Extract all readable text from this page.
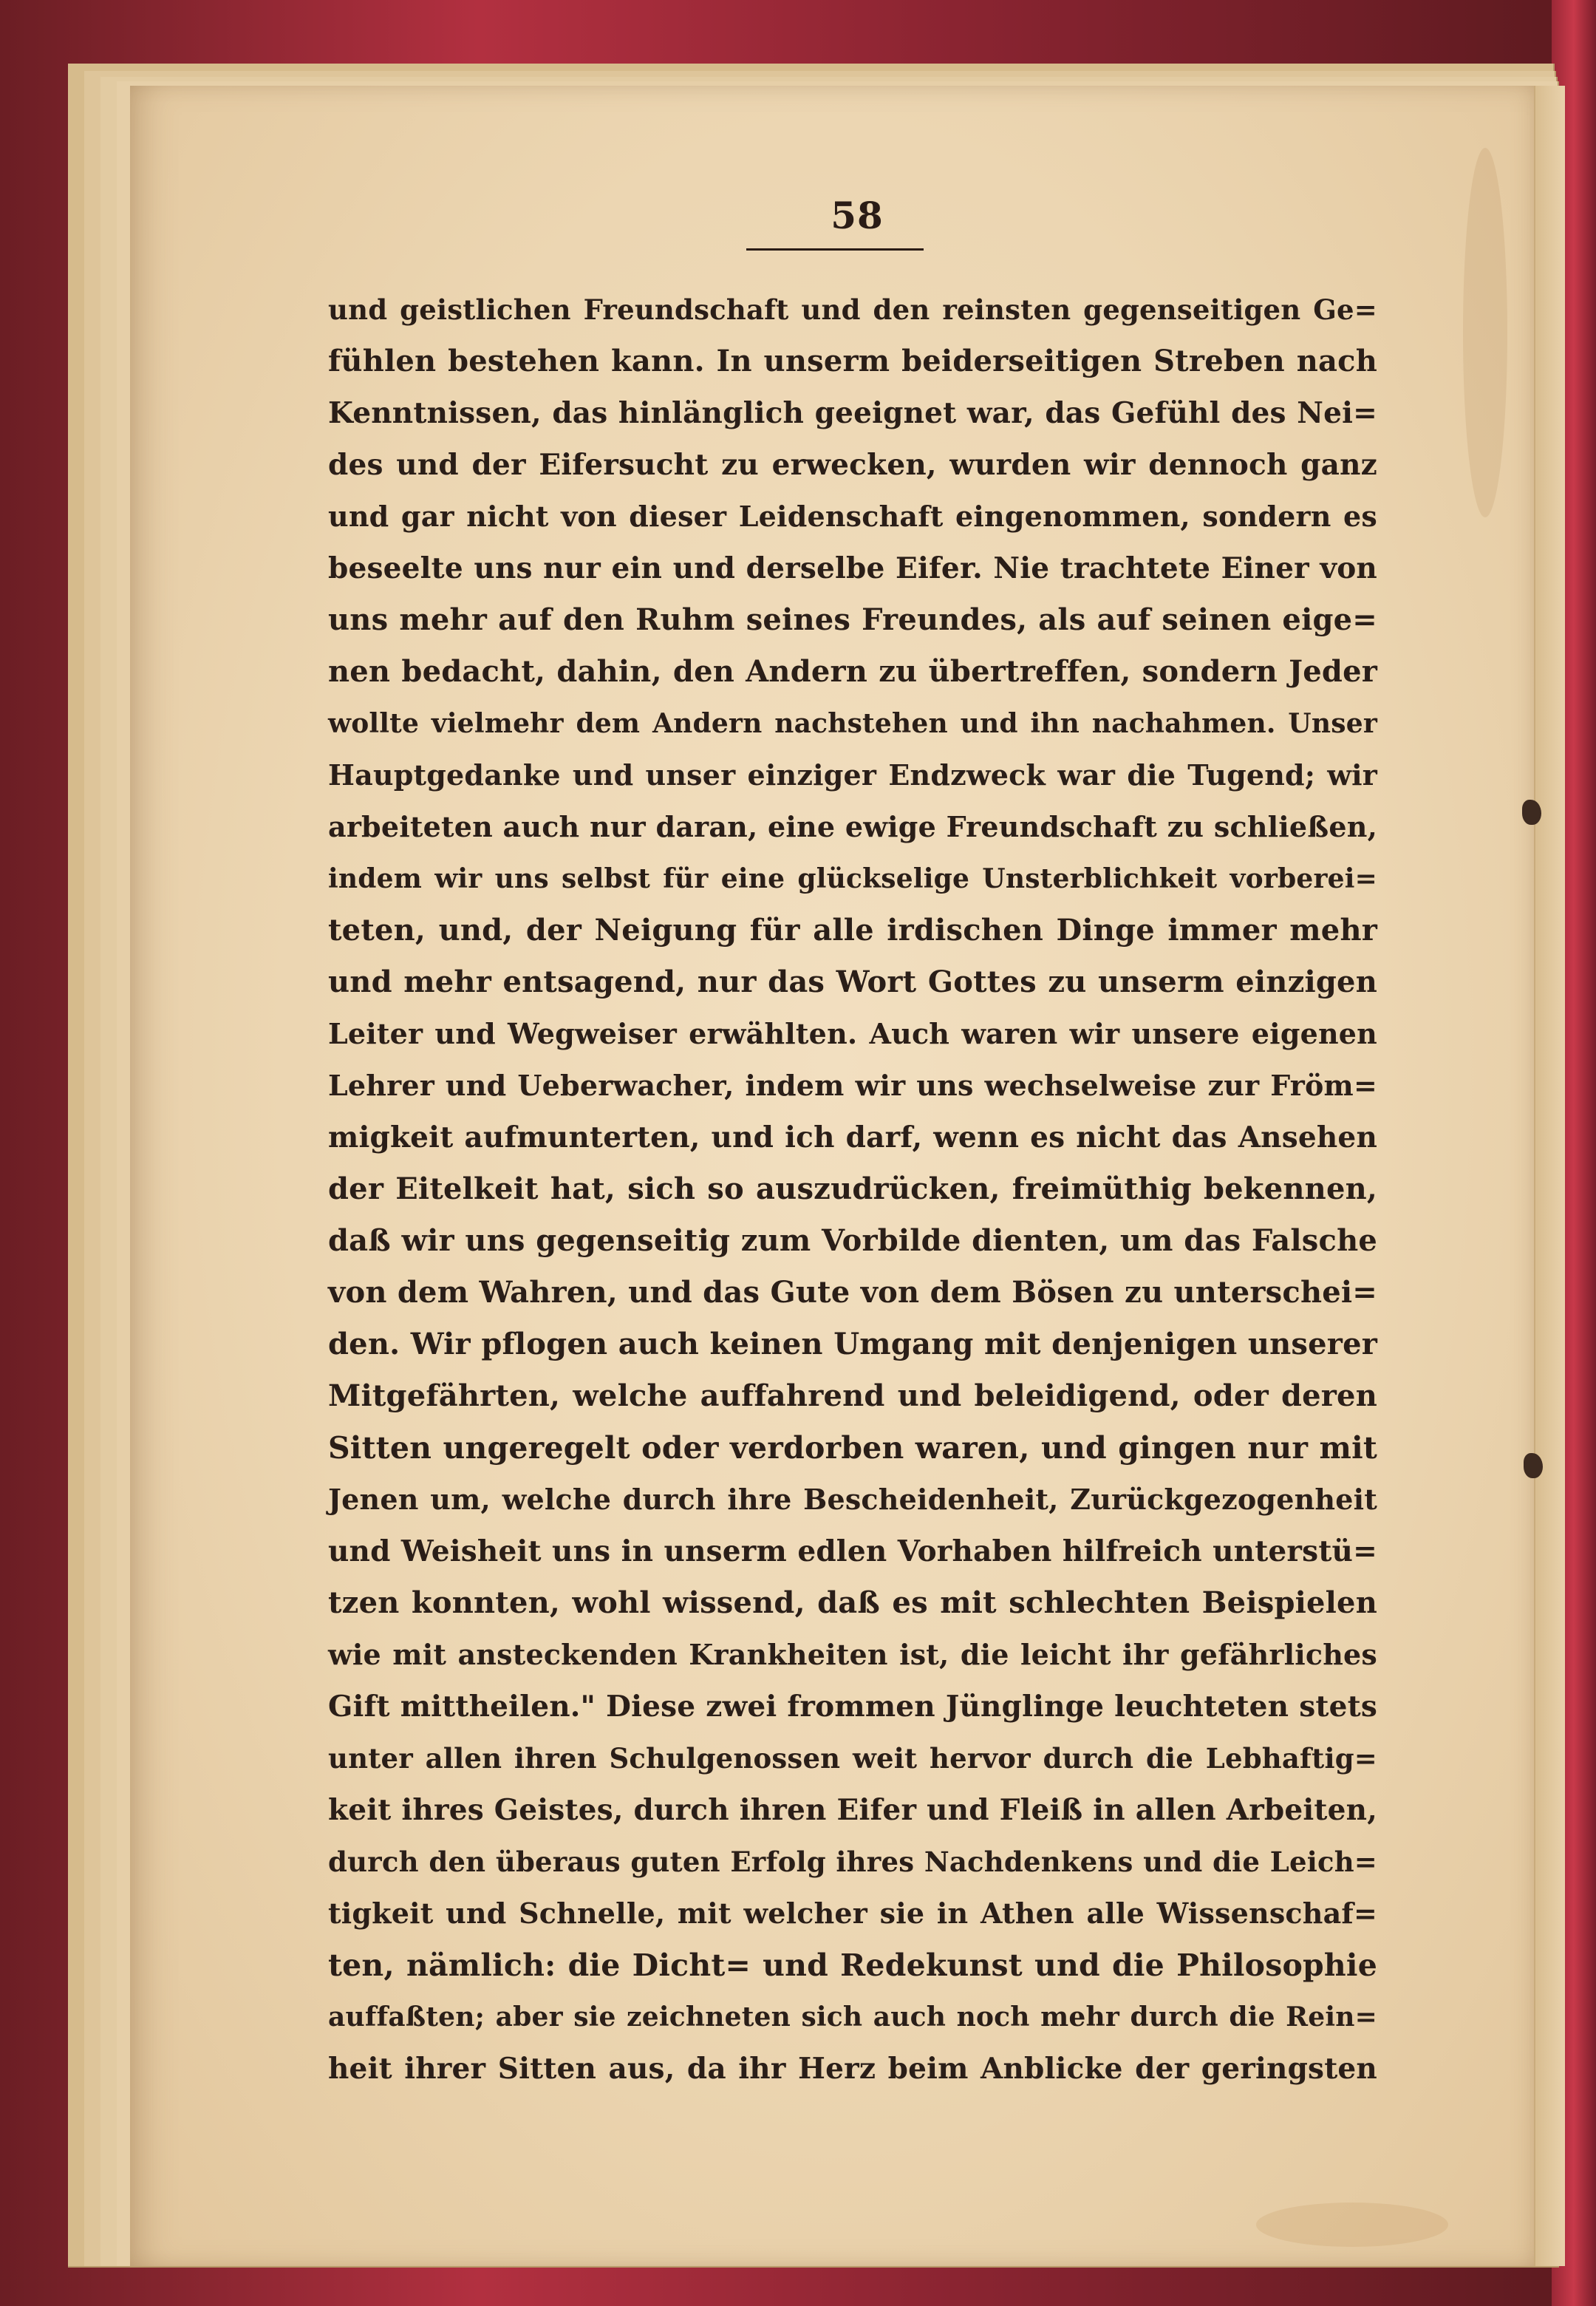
58
und geistlichen Freundschaft und den reinsten gegenseitigen Ge=
fühlen bestehen kann. In unserm beiderseitigen Streben nach
Kenntnissen, das hinlänglich geeignet war, das Gefühl des Nei=
des und der Eifersucht zu erwecken, wurden wir dennoch ganz
und gar nicht von dieser Leidenschaft eingenommen, sondern es
beseelte uns nur ein und derselbe Eifer. Nie trachtete Einer von
uns mehr auf den Ruhm seines Freundes, als auf seinen eige=
nen bedacht, dahin, den Andern zu übertreffen, sondern Jeder
wollte vielmehr dem Andern nachstehen und ihn nachahmen. Unser
Hauptgedanke und unser einziger Endzweck war die Tugend; wir
arbeiteten auch nur daran, eine ewige Freundschaft zu schließen,
indem wir uns selbst für eine glückselige Unsterblichkeit vorberei=
teten, und, der Neigung für alle irdischen Dinge immer mehr
und mehr entsagend, nur das Wort Gottes zu unserm einzigen
Leiter und Wegweiser erwählten. Auch waren wir unsere eigenen
Lehrer und Ueberwacher, indem wir uns wechselweise zur Fröm=
migkeit aufmunterten, und ich darf, wenn es nicht das Ansehen
der Eitelkeit hat, sich so auszudrücken, freimüthig bekennen,
daß wir uns gegenseitig zum Vorbilde dienten, um das Falsche
von dem Wahren, und das Gute von dem Bösen zu unterschei=
den. Wir pflogen auch keinen Umgang mit denjenigen unserer
Mitgefährten, welche auffahrend und beleidigend, oder deren
Sitten ungeregelt oder verdorben waren, und gingen nur mit
Jenen um, welche durch ihre Bescheidenheit, Zurückgezogenheit
und Weisheit uns in unserm edlen Vorhaben hilfreich unterstü=
tzen konnten, wohl wissend, daß es mit schlechten Beispielen
wie mit ansteckenden Krankheiten ist, die leicht ihr gefährliches
Gift mittheilen." Diese zwei frommen Jünglinge leuchteten stets
unter allen ihren Schulgenossen weit hervor durch die Lebhaftig=
keit ihres Geistes, durch ihren Eifer und Fleiß in allen Arbeiten,
durch den überaus guten Erfolg ihres Nachdenkens und die Leich=
tigkeit und Schnelle, mit welcher sie in Athen alle Wissenschaf=
ten, nämlich: die Dicht= und Redekunst und die Philosophie
auffaßten; aber sie zeichneten sich auch noch mehr durch die Rein=
heit ihrer Sitten aus, da ihr Herz beim Anblicke der geringsten
